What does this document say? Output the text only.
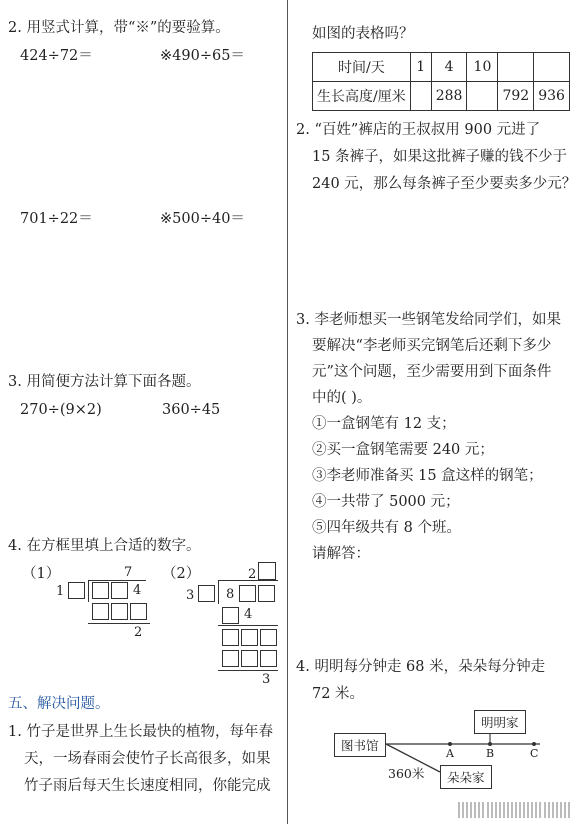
2. 用竖式计算，带“※”的要验算。
424÷72＝	※490÷65＝
701÷22＝	※500÷40＝
3. 用简便方法计算下面各题。
270÷(9×2)	360÷45
4. 在方框里填上合适的数字。
（1）	7
1	4
2
（2）	2
3 8
4
3
五、解决问题。
1. 竹子是世界上生长最快的植物，每年春
天，一场春雨会使竹子长高很多，如果
竹子雨后每天生长速度相同，你能完成
如图的表格吗？
时间/天	1	4	10		
生长高度/厘米		288		792	936
2. “百姓”裤店的王叔叔用 900 元进了
15 条裤子，如果这批裤子赚的钱不少于
240 元，那么每条裤子至少要卖多少元？
3. 李老师想买一些钢笔发给同学们，如果
要解决“李老师买完钢笔后还剩下多少
元”这个问题，至少需要用到下面条件
中的( )。
①一盒钢笔有 12 支；
②买一盒钢笔需要 240 元；
③李老师准备买 15 盒这样的钢笔；
④一共带了 5000 元；
⑤四年级共有 8 个班。
请解答：
4. 明明每分钟走 68 米，朵朵每分钟走
72 米。
图书馆
明明家
朵朵家
360米
A	B	C
